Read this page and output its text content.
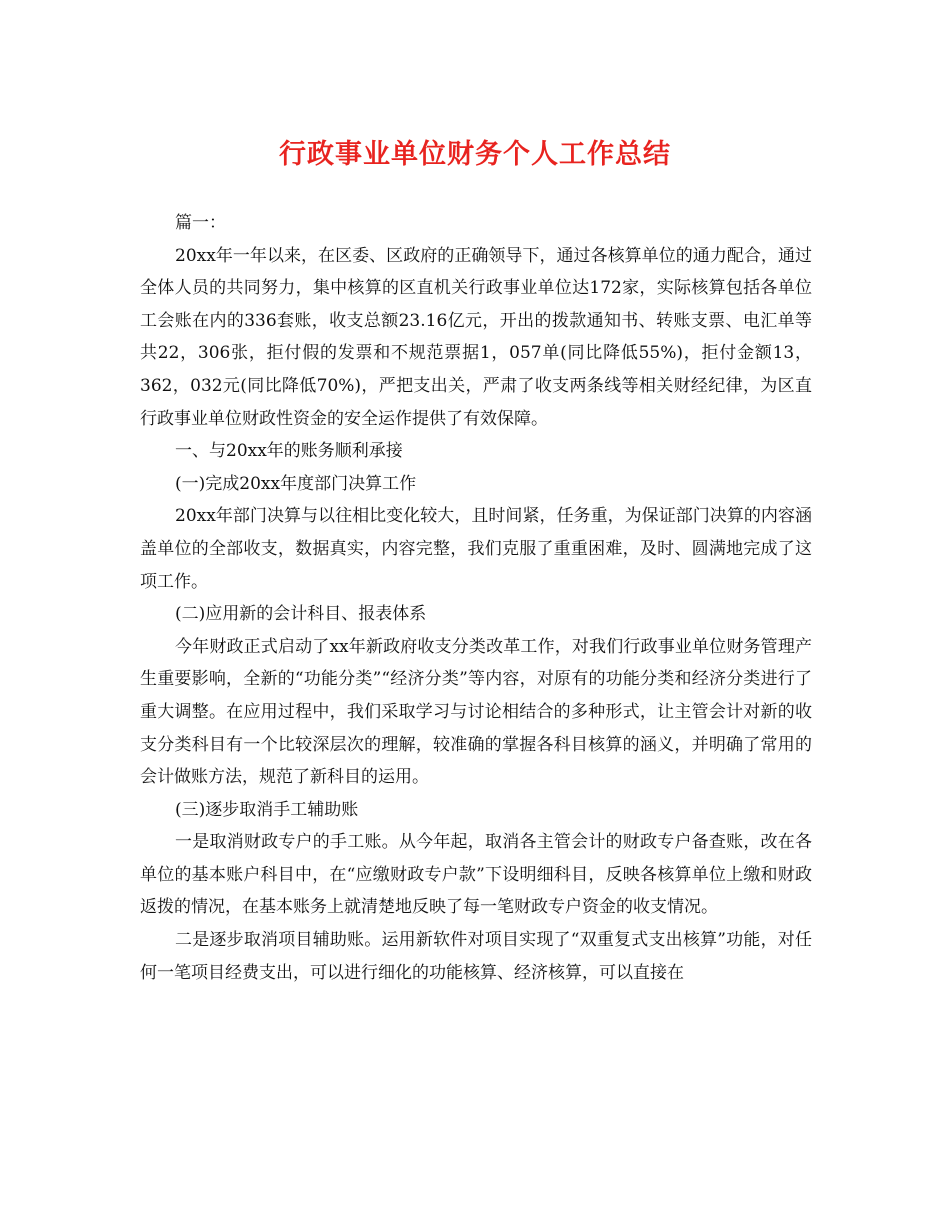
行政事业单位财务个人工作总结

篇一：

20xx年一年以来，在区委、区政府的正确领导下，通过各核算单位的通力配合，通过全体人员的共同努力，集中核算的区直机关行政事业单位达172家，实际核算包括各单位工会账在内的336套账，收支总额23.16亿元，开出的拨款通知书、转账支票、电汇单等共22，306张，拒付假的发票和不规范票据1，057单(同比降低55%)，拒付金额13，362，032元(同比降低70%)，严把支出关，严肃了收支两条线等相关财经纪律，为区直行政事业单位财政性资金的安全运作提供了有效保障。

一、与20xx年的账务顺利承接

(一)完成20xx年度部门决算工作

20xx年部门决算与以往相比变化较大，且时间紧，任务重，为保证部门决算的内容涵盖单位的全部收支，数据真实，内容完整，我们克服了重重困难，及时、圆满地完成了这项工作。

(二)应用新的会计科目、报表体系

今年财政正式启动了xx年新政府收支分类改革工作，对我们行政事业单位财务管理产生重要影响，全新的“功能分类”“经济分类”等内容，对原有的功能分类和经济分类进行了重大调整。在应用过程中，我们采取学习与讨论相结合的多种形式，让主管会计对新的收支分类科目有一个比较深层次的理解，较准确的掌握各科目核算的涵义，并明确了常用的会计做账方法，规范了新科目的运用。

(三)逐步取消手工辅助账

一是取消财政专户的手工账。从今年起，取消各主管会计的财政专户备查账，改在各单位的基本账户科目中，在“应缴财政专户款”下设明细科目，反映各核算单位上缴和财政返拨的情况，在基本账务上就清楚地反映了每一笔财政专户资金的收支情况。

二是逐步取消项目辅助账。运用新软件对项目实现了“双重复式支出核算”功能，对任何一笔项目经费支出，可以进行细化的功能核算、经济核算，可以直接在
